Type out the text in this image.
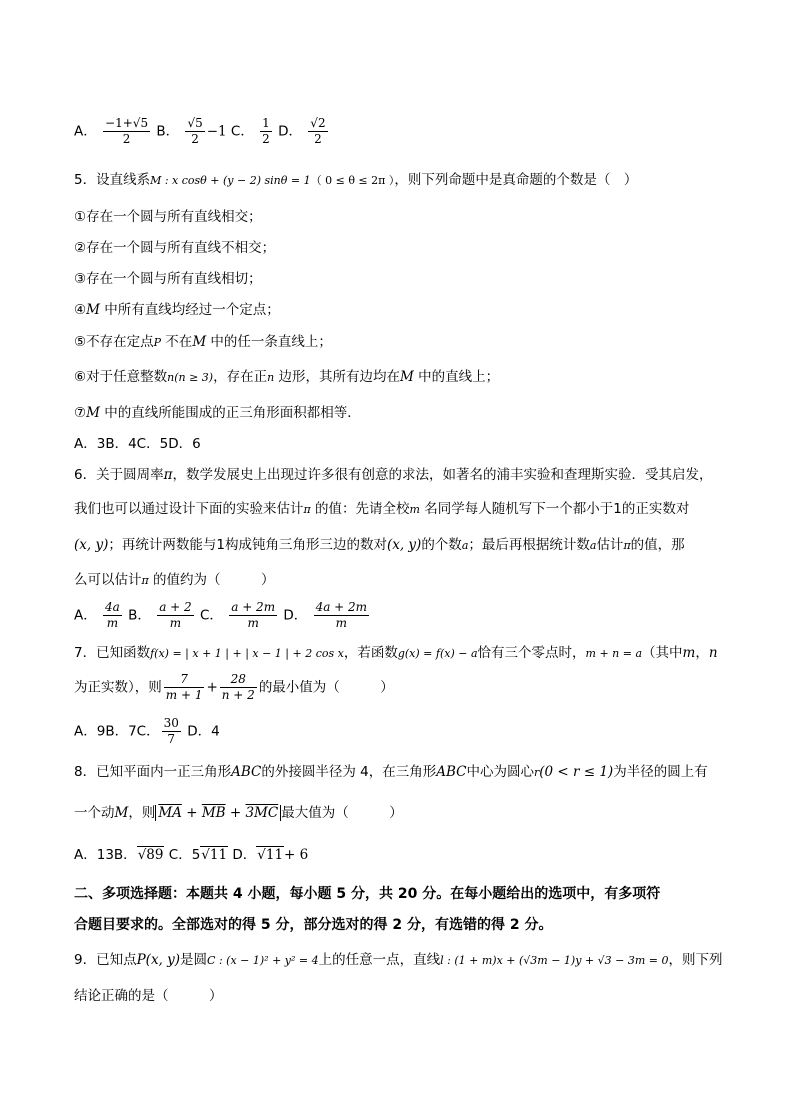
A． $\frac{-1+√5}{2}$ B． $\frac{√5}{2} -1$ C． $\frac{1}{2}$ D． $\frac{√2}{2}$
5．设直线系M : x cosθ + (y − 2) sinθ = 1（ 0 ≤ θ ≤ 2π ），则下列命题中是真命题的个数是（　）
①存在一个圆与所有直线相交；
②存在一个圆与所有直线不相交；
③存在一个圆与所有直线相切；
④M 中所有直线均经过一个定点；
⑤不存在定点P 不在M 中的任一条直线上；
⑥对于任意整数n(n ≥ 3)，存在正n 边形，其所有边均在M 中的直线上；
⑦M 中的直线所能围成的正三角形面积都相等．
A．3B．4C．5D．6
6．关于圆周率π，数学发展史上出现过许多很有创意的求法，如著名的浦丰实验和查理斯实验．受其启发，
我们也可以通过设计下面的实验来估计π 的值：先请全校m 名同学每人随机写下一个都小于1的正实数对
(x, y)；再统计两数能与1构成钝角三角形三边的数对(x, y)的个数a；最后再根据统计数a估计π的值，那
么可以估计π 的值约为（　　　）
A． $\frac{4a}{m}$ B． $\frac{a + 2}{m}$ C． $\frac{a + 2m}{m}$ D． $\frac{4a + 2m}{m}$
7．已知函数f(x) = | x + 1 | + | x − 1 | + 2 cos x，若函数g(x) = f(x) − a恰有三个零点时，m + n = a（其中m，n
为正实数），则 $\frac{7}{m + 1} + \frac{28}{n + 2}$ 的最小值为（　　　）
A．9B．7C． $\frac{30}{7}$ D．4
8．已知平面内一正三角形ABC的外接圆半径为 4，在三角形ABC中心为圆心r(0 < r ≤ 1)为半径的圆上有
一个动M，则 $\overline{MA} + \overline{MB} + 3MC$ 最大值为（　　　）
A．13B．√89 C．5√11 D．√11+ 6
二、多项选择题：本题共 4 小题，每小题 5 分，共 20 分。在每小题给出的选项中，有多项符
合题目要求的。全部选对的得 5 分，部分选对的得 2 分，有选错的得 2 分。
9．已知点P(x, y)是圆C : (x − 1)² + y² = 4上的任意一点，直线l : (1 + m)x + (√3m − 1)y + √3 − 3m = 0，则下列
结论正确的是（　　　）
